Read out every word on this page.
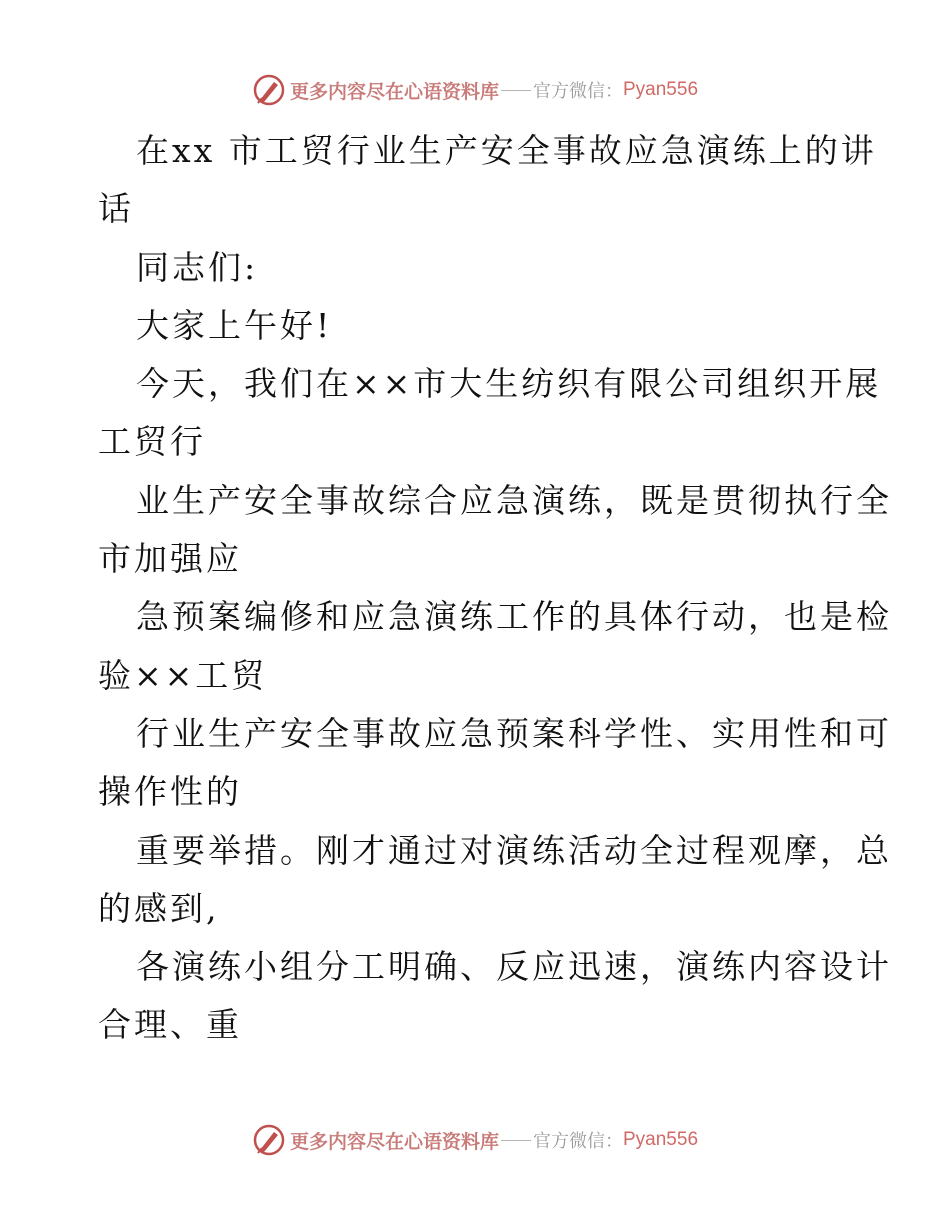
更多内容尽在心语资料库 官方微信： Pyan556
在xx 市工贸行业生产安全事故应急演练上的讲
话
同志们:
大家上午好!
今天，我们在××市大生纺织有限公司组织开展
工贸行
业生产安全事故综合应急演练，既是贯彻执行全
市加强应
急预案编修和应急演练工作的具体行动，也是检
验××工贸
行业生产安全事故应急预案科学性、实用性和可
操作性的
重要举措。刚才通过对演练活动全过程观摩，总
的感到,
各演练小组分工明确、反应迅速，演练内容设计
合理、重
更多内容尽在心语资料库 官方微信： Pyan556
